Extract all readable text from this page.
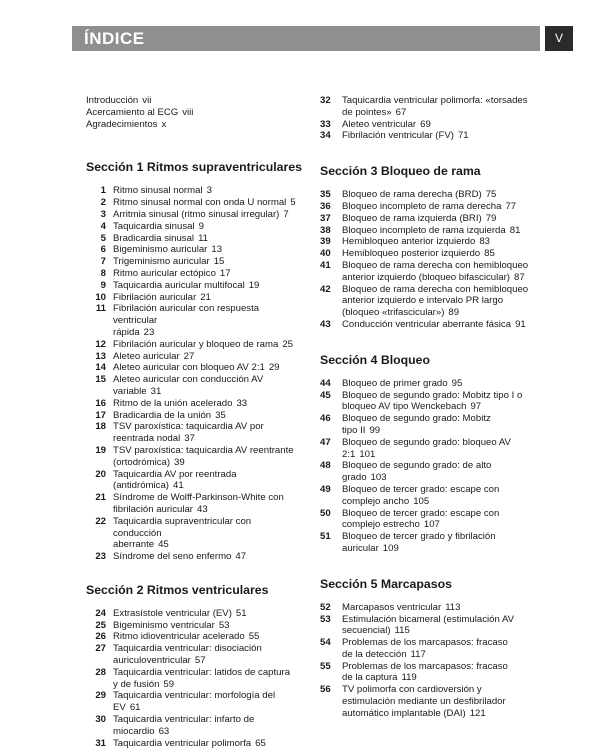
ÍNDICE	V
Introducción vii
Acercamiento al ECG viii
Agradecimientos x
Sección 1 Ritmos supraventriculares
1 Ritmo sinusal normal 3
2 Ritmo sinusal normal con onda U normal 5
3 Arritmia sinusal (ritmo sinusal irregular) 7
4 Taquicardia sinusal 9
5 Bradicardia sinusal 11
6 Bigeminismo auricular 13
7 Trigeminismo auricular 15
8 Ritmo auricular ectópico 17
9 Taquicardia auricular multifocal 19
10 Fibrilación auricular 21
11 Fibrilación auricular con respuesta ventricular
rápida 23
12 Fibrilación auricular y bloqueo de rama 25
13 Aleteo auricular 27
14 Aleteo auricular con bloqueo AV 2:1 29
15 Aleteo auricular con conducción AV
variable 31
16 Ritmo de la unión acelerado 33
17 Bradicardia de la unión 35
18 TSV paroxística: taquicardia AV por
reentrada nodal 37
19 TSV paroxística: taquicardia AV reentrante
(ortodrómica) 39
20 Taquicardia AV por reentrada
(antidrómica) 41
21 Síndrome de Wolff-Parkinson-White con
fibrilación auricular 43
22 Taquicardia supraventricular con conducción
aberrante 45
23 Síndrome del seno enfermo 47
Sección 2 Ritmos ventriculares
24 Extrasístole ventricular (EV) 51
25 Bigeminismo ventricular 53
26 Ritmo idioventricular acelerado 55
27 Taquicardia ventricular: disociación
auriculoventricular 57
28 Taquicardia ventricular: latidos de captura
y de fusión 59
29 Taquicardia ventricular: morfología del
EV 61
30 Taquicardia ventricular: infarto de
miocardio 63
31 Taquicardia ventricular polimorfa 65
32	Taquicardia ventricular polimorfa: «torsades
de pointes» 67
33	Aleteo ventricular 69
34	Fibrilación ventricular (FV) 71
Sección 3 Bloqueo de rama
35	Bloqueo de rama derecha (BRD) 75
36	Bloqueo incompleto de rama derecha 77
37	Bloqueo de rama izquierda (BRI) 79
38	Bloqueo incompleto de rama izquierda 81
39	Hemibloqueo anterior izquierdo 83
40	Hemibloqueo posterior izquierdo 85
41	Bloqueo de rama derecha con hemibloqueo
anterior izquierdo (bloqueo bifascicular) 87
42	Bloqueo de rama derecha con hemibloqueo
anterior izquierdo e intervalo PR largo
(bloqueo «trifascicular») 89
43	Conducción ventricular aberrante fásica 91
Sección 4 Bloqueo
44	Bloqueo de primer grado 95
45	Bloqueo de segundo grado: Mobitz tipo I o
bloqueo AV tipo Wenckebach 97
46	Bloqueo de segundo grado: Mobitz
tipo II 99
47	Bloqueo de segundo grado: bloqueo AV
2:1 101
48	Bloqueo de segundo grado: de alto
grado 103
49	Bloqueo de tercer grado: escape con
complejo ancho 105
50	Bloqueo de tercer grado: escape con
complejo estrecho 107
51	Bloqueo de tercer grado y fibrilación
auricular 109
Sección 5 Marcapasos
52	Marcapasos ventricular 113
53	Estimulación bicameral (estimulación AV
secuencial) 115
54	Problemas de los marcapasos: fracaso
de la detección 117
55	Problemas de los marcapasos: fracaso
de la captura 119
56	TV polimorfa con cardioversión y
estimulación mediante un desfibrilador
automático implantable (DAI) 121
